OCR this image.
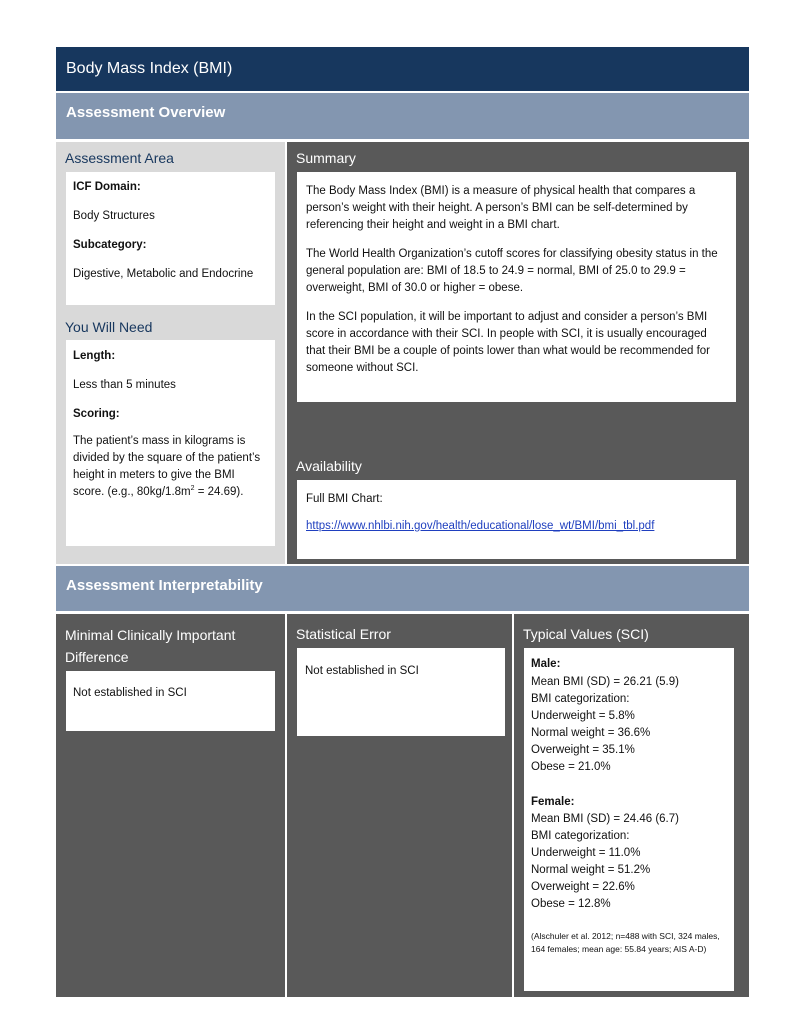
Body Mass Index (BMI)
Assessment Overview
Assessment Area

ICF Domain:

Body Structures

Subcategory:

Digestive, Metabolic and Endocrine

You Will Need

Length:

Less than 5 minutes

Scoring:

The patient’s mass in kilograms is divided by the square of the patient’s height in meters to give the BMI score. (e.g., $80kg/1.8m^2 = 24.69$).

Summary

The Body Mass Index (BMI) is a measure of physical health that compares a person’s weight with their height. A person’s BMI can be self-determined by referencing their height and weight in a BMI chart.

The World Health Organization’s cutoff scores for classifying obesity status in the general population are: BMI of 18.5 to 24.9 = normal, BMI of 25.0 to 29.9 = overweight, BMI of 30.0 or higher = obese.

In the SCI population, it will be important to adjust and consider a person’s BMI score in accordance with their SCI. In people with SCI, it is usually encouraged that their BMI be a couple of points lower than what would be recommended for someone without SCI.

Availability

Full BMI Chart:

https://www.nhlbi.nih.gov/health/educational/lose_wt/BMI/bmi_tbl.pdf

Assessment Interpretability
Minimal Clinically Important Difference

Not established in SCI

Statistical Error

Not established in SCI

Typical Values (SCI)
Male:
Mean BMI (SD) = 26.21 (5.9)
BMI categorization:
Underweight = 5.8%
Normal weight = 36.6%
Overweight = 35.1%
Obese = 21.0%
Female:
Mean BMI (SD) = 24.46 (6.7)
BMI categorization:
Underweight = 11.0%
Normal weight = 51.2%
Overweight = 22.6%
Obese = 12.8%
(Alschuler et al. 2012; n=488 with SCI, 324 males, 164 females; mean age: 55.84 years; AIS A-D)
